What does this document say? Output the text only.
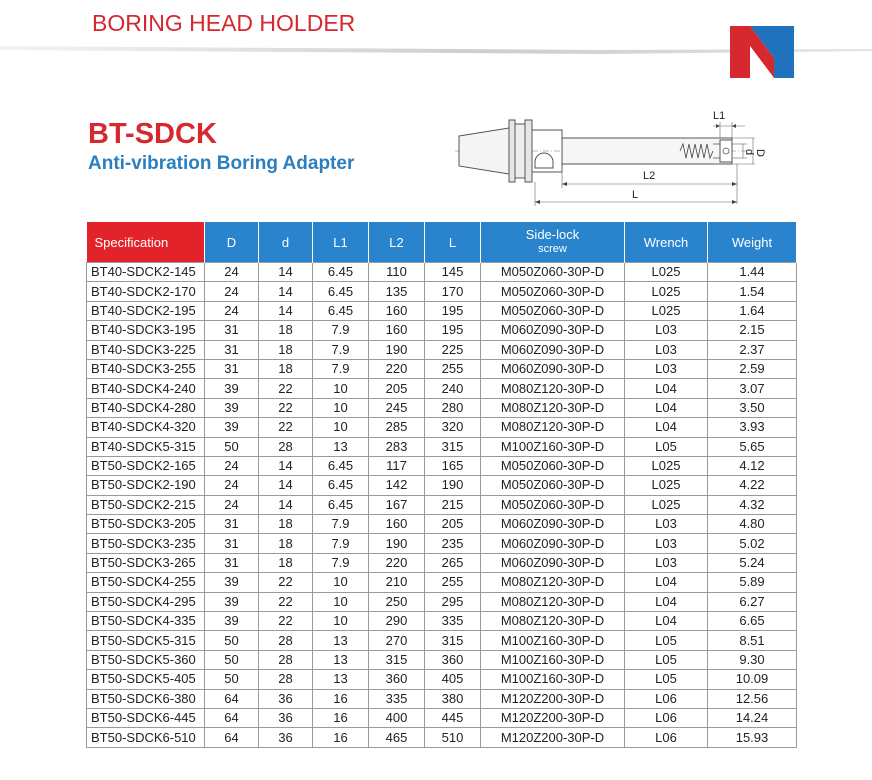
BORING HEAD HOLDER
BT-SDCK
Anti-vibration Boring Adapter
L1
L2
L
d D
Specification	D	d	L1	L2	L	Side-lock
screw	Wrench	Weight
BT40-SDCK2-145	24	14	6.45	110	145	M050Z060-30P-D	L025	1.44
BT40-SDCK2-170	24	14	6.45	135	170	M050Z060-30P-D	L025	1.54
BT40-SDCK2-195	24	14	6.45	160	195	M050Z060-30P-D	L025	1.64
BT40-SDCK3-195	31	18	7.9	160	195	M060Z090-30P-D	L03	2.15
BT40-SDCK3-225	31	18	7.9	190	225	M060Z090-30P-D	L03	2.37
BT40-SDCK3-255	31	18	7.9	220	255	M060Z090-30P-D	L03	2.59
BT40-SDCK4-240	39	22	10	205	240	M080Z120-30P-D	L04	3.07
BT40-SDCK4-280	39	22	10	245	280	M080Z120-30P-D	L04	3.50
BT40-SDCK4-320	39	22	10	285	320	M080Z120-30P-D	L04	3.93
BT40-SDCK5-315	50	28	13	283	315	M100Z160-30P-D	L05	5.65
BT50-SDCK2-165	24	14	6.45	117	165	M050Z060-30P-D	L025	4.12
BT50-SDCK2-190	24	14	6.45	142	190	M050Z060-30P-D	L025	4.22
BT50-SDCK2-215	24	14	6.45	167	215	M050Z060-30P-D	L025	4.32
BT50-SDCK3-205	31	18	7.9	160	205	M060Z090-30P-D	L03	4.80
BT50-SDCK3-235	31	18	7.9	190	235	M060Z090-30P-D	L03	5.02
BT50-SDCK3-265	31	18	7.9	220	265	M060Z090-30P-D	L03	5.24
BT50-SDCK4-255	39	22	10	210	255	M080Z120-30P-D	L04	5.89
BT50-SDCK4-295	39	22	10	250	295	M080Z120-30P-D	L04	6.27
BT50-SDCK4-335	39	22	10	290	335	M080Z120-30P-D	L04	6.65
BT50-SDCK5-315	50	28	13	270	315	M100Z160-30P-D	L05	8.51
BT50-SDCK5-360	50	28	13	315	360	M100Z160-30P-D	L05	9.30
BT50-SDCK5-405	50	28	13	360	405	M100Z160-30P-D	L05	10.09
BT50-SDCK6-380	64	36	16	335	380	M120Z200-30P-D	L06	12.56
BT50-SDCK6-445	64	36	16	400	445	M120Z200-30P-D	L06	14.24
BT50-SDCK6-510	64	36	16	465	510	M120Z200-30P-D	L06	15.93
